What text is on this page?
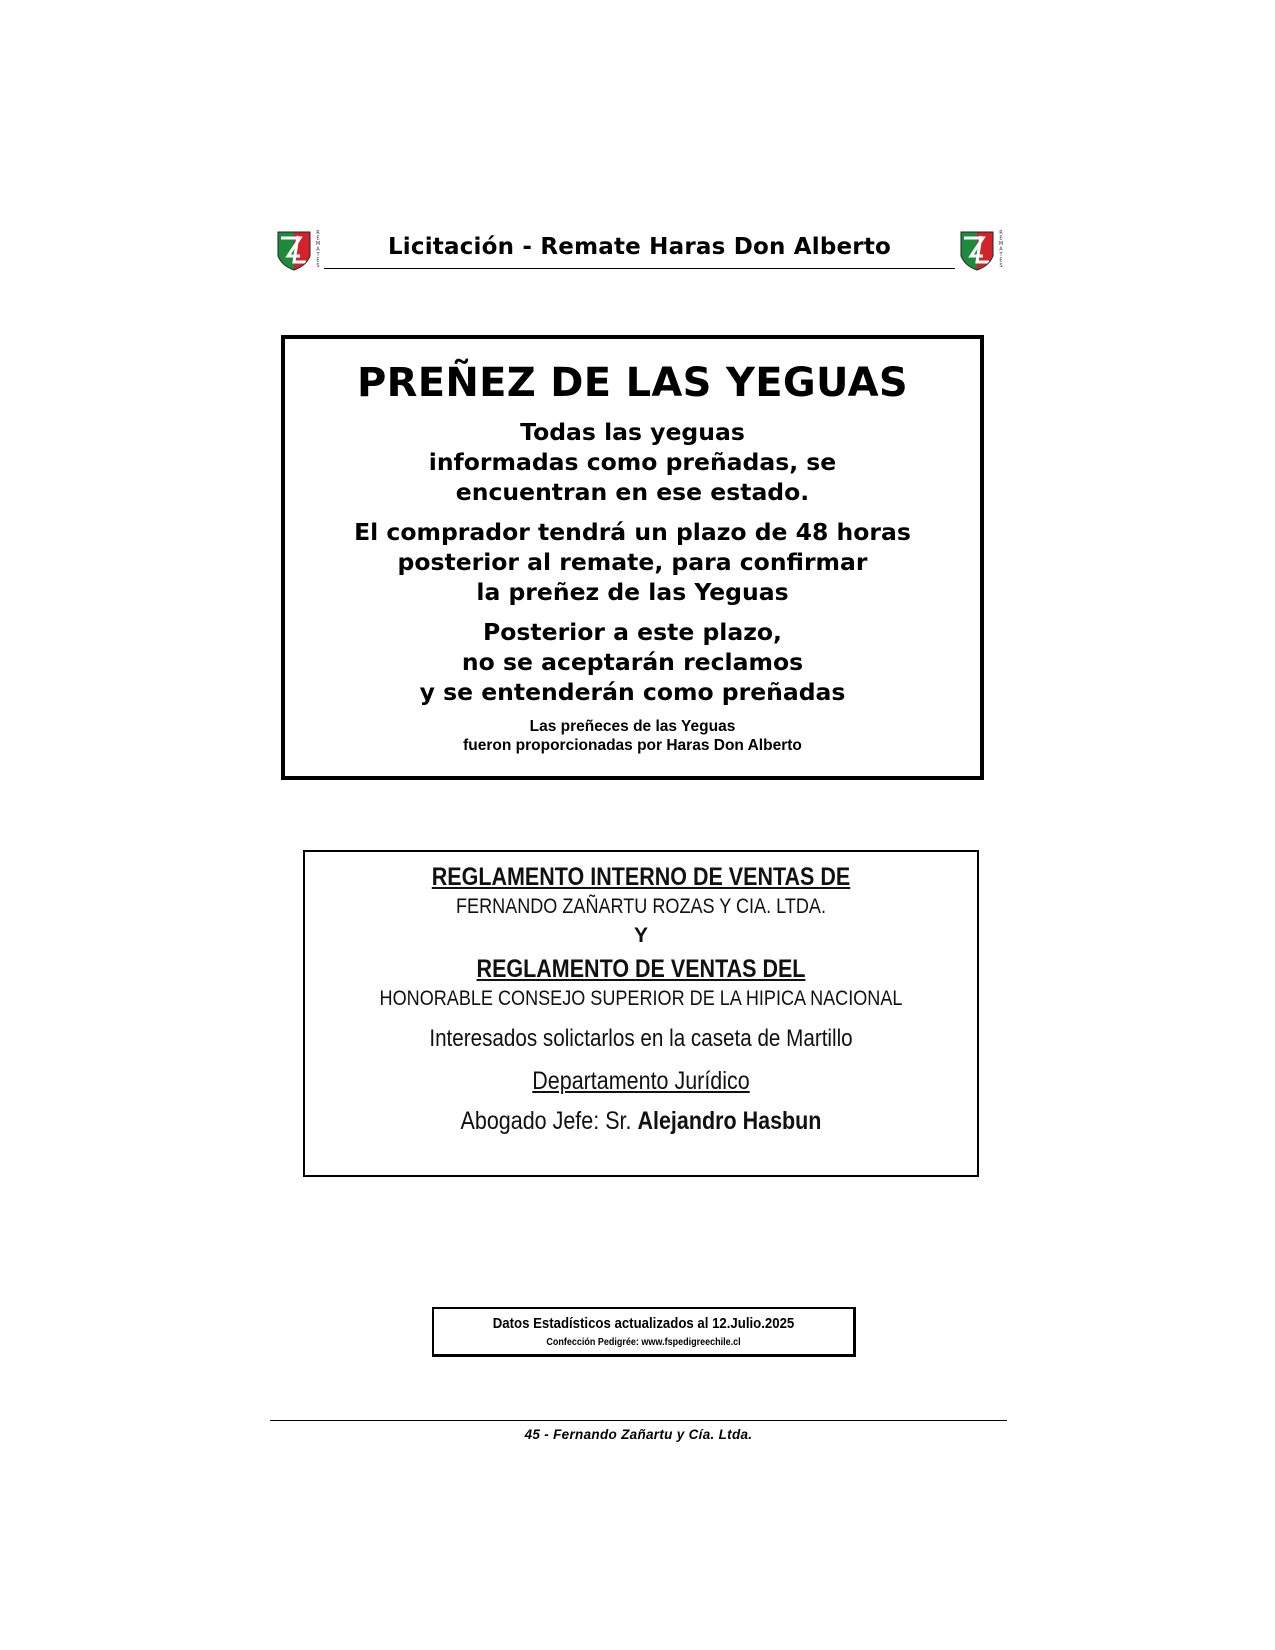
R E M A T E S
Licitación - Remate Haras Don Alberto
R E M A T E S
PREÑEZ DE LAS YEGUAS
Todas las yeguas
informadas como preñadas, se
encuentran en ese estado.
El comprador tendrá un plazo de 48 horas
posterior al remate, para confirmar
la preñez de las Yeguas
Posterior a este plazo,
no se aceptarán reclamos
y se entenderán como preñadas
Las preñeces de las Yeguas
fueron proporcionadas por Haras Don Alberto
REGLAMENTO INTERNO DE VENTAS DE
FERNANDO ZAÑARTU ROZAS Y CIA. LTDA.
Y
REGLAMENTO DE VENTAS DEL
HONORABLE CONSEJO SUPERIOR DE LA HIPICA NACIONAL
Interesados solictarlos en la caseta de Martillo
Departamento Jurídico
Abogado Jefe: Sr. Alejandro Hasbun
Datos Estadísticos actualizados al 12.Julio.2025
Confección Pedigrée: www.fspedigreechile.cl
45 - Fernando Zañartu y Cía. Ltda.
